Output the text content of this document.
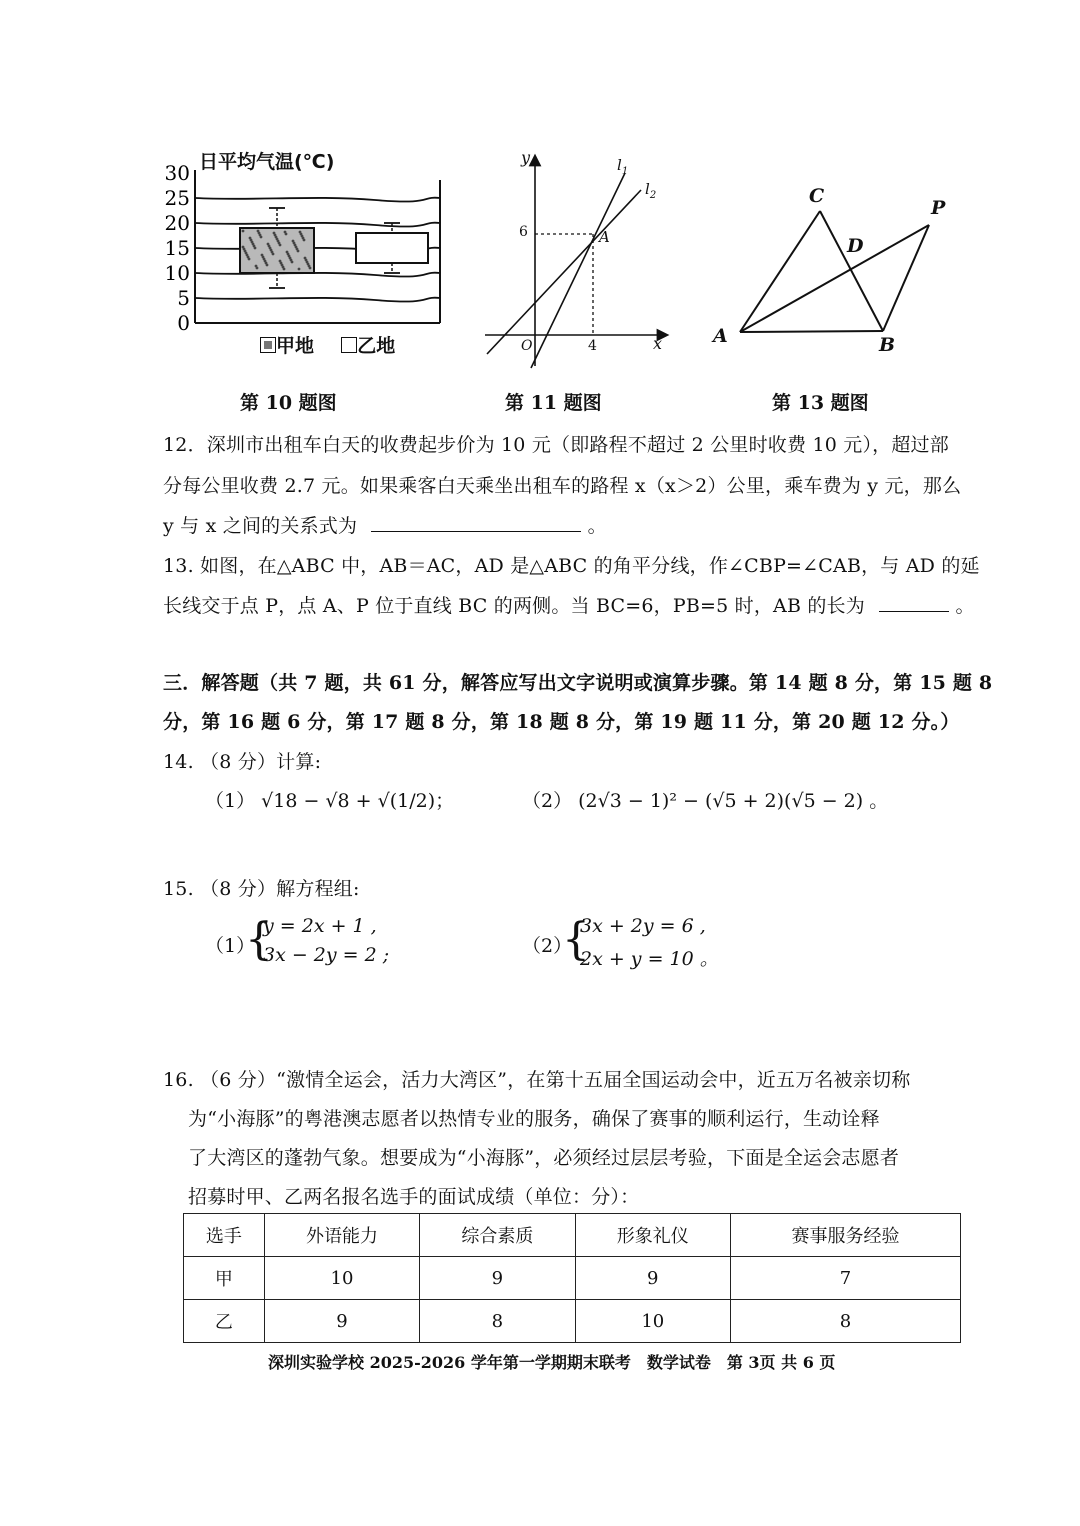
30
25
20
15
10
5
0
日平均气温(℃)
甲地 乙地
第 10 题图
y
x
O
6
4
A
$l_1$
$l_2$
第 11 题图
A	B
C
D
P
第 13 题图
12．深圳市出租车白天的收费起步价为 10 元（即路程不超过 2 公里时收费 10 元），超过部
分每公里收费 2.7 元。如果乘客白天乘坐出租车的路程 x（x＞2）公里，乘车费为 y 元，那么
y 与 x 之间的关系式为	。
13. 如图，在△ABC 中，AB＝AC，AD 是△ABC 的角平分线，作∠CBP=∠CAB，与 AD 的延
长线交于点 P，点 A、P 位于直线 BC 的两侧。当 BC=6，PB=5 时，AB 的长为	。
三．解答题（共 7 题，共 61 分，解答应写出文字说明或演算步骤。第 14 题 8 分，第 15 题 8
分，第 16 题 6 分，第 17 题 8 分，第 18 题 8 分，第 19 题 11 分，第 20 题 12 分。）
14. （8 分）计算:
（1） √18 − √8 + √(1/2)；	（2） (2√3 − 1)² − (√5 + 2)(√5 − 2) 。
15. （8 分）解方程组:
（1）
{
y = 2x + 1 ,
3x − 2y = 2 ;	（2）
{
3x + 2y = 6 ,
2x + y = 10 。
16. （6 分）“激情全运会，活力大湾区”，在第十五届全国运动会中，近五万名被亲切称
为“小海豚”的粤港澳志愿者以热情专业的服务，确保了赛事的顺利运行，生动诠释
了大湾区的蓬勃气象。想要成为“小海豚”，必须经过层层考验，下面是全运会志愿者
招募时甲、乙两名报名选手的面试成绩（单位：分）：
选手	外语能力	综合素质	形象礼仪	赛事服务经验
甲	10	9	9	7
乙	9	8	10	8
深圳实验学校 2025-2026 学年第一学期期末联考　数学试卷　第 3页 共 6 页
